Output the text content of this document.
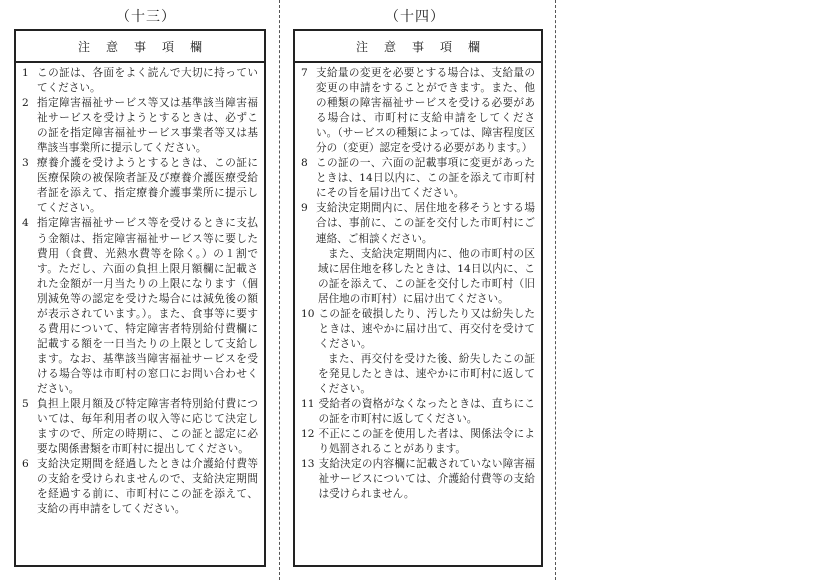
（十三）	（十四）
注意事項欄
1 この証は、各面をよく読んで大切に持っていてください。
2 指定障害福祉サービス等又は基準該当障害福祉サービスを受けようとするときは、必ずこの証を指定障害福祉サービス事業者等又は基準該当事業所に提示してください。
3 療養介護を受けようとするときは、この証に医療保険の被保険者証及び療養介護医療受給者証を添えて、指定療養介護事業所に提示してください。
4 指定障害福祉サービス等を受けるときに支払う金額は、指定障害福祉サービス等に要した費用（食費、光熱水費等を除く。）の１割です。ただし、六面の負担上限月額欄に記載された金額が一月当たりの上限になります（個別減免等の認定を受けた場合には減免後の額が表示されています。）。また、食事等に要する費用について、特定障害者特別給付費欄に記載する額を一日当たりの上限として支給します。なお、基準該当障害福祉サービスを受ける場合等は市町村の窓口にお問い合わせください。
5 負担上限月額及び特定障害者特別給付費については、毎年利用者の収入等に応じて決定しますので、所定の時期に、この証と認定に必要な関係書類を市町村に提出してください。
6 支給決定期間を経過したときは介護給付費等の支給を受けられませんので、支給決定期間を経過する前に、市町村にこの証を添えて、支給の再申請をしてください。
注意事項欄
7 支給量の変更を必要とする場合は、支給量の変更の申請をすることができます。また、他の種類の障害福祉サービスを受ける必要がある場合は、市町村に支給申請をしてください。（サービスの種類によっては、障害程度区分の（変更）認定を受ける必要があります。）
8 この証の一、六面の記載事項に変更があったときは、14日以内に、この証を添えて市町村にその旨を届け出てください。
9 支給決定期間内に、居住地を移そうとする場合は、事前に、この証を交付した市町村にご連絡、ご相談ください。
また、支給決定期間内に、他の市町村の区域に居住地を移したときは、14日以内に、この証を添えて、この証を交付した市町村（旧居住地の市町村）に届け出てください。
10 この証を破損したり、汚したり又は紛失したときは、速やかに届け出て、再交付を受けてください。
また、再交付を受けた後、紛失したこの証を発見したときは、速やかに市町村に返してください。
11 受給者の資格がなくなったときは、直ちにこの証を市町村に返してください。
12 不正にこの証を使用した者は、関係法令により処罰されることがあります。
13 支給決定の内容欄に記載されていない障害福祉サービスについては、介護給付費等の支給は受けられません。
